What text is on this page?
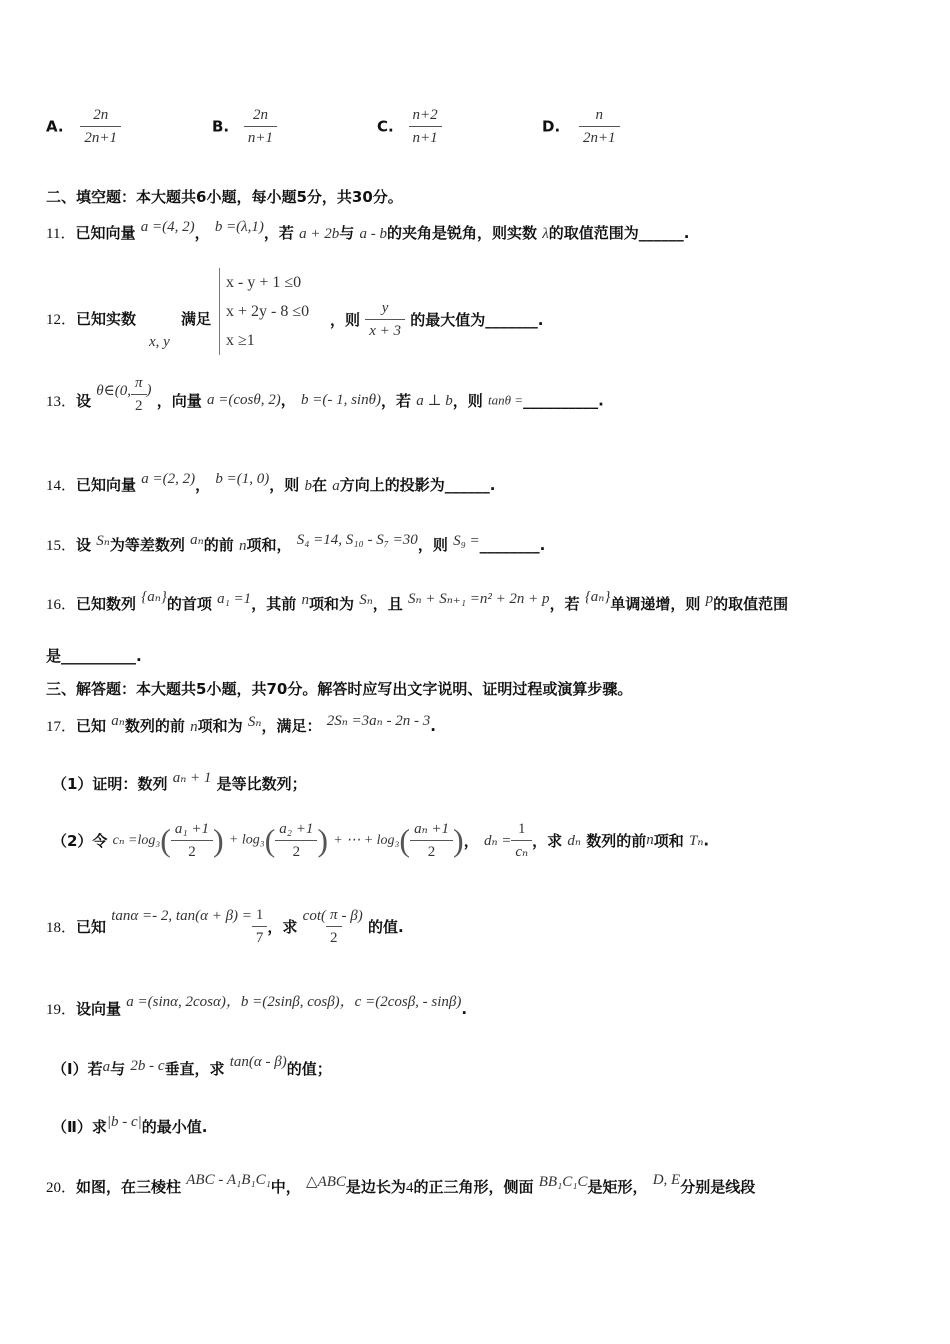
A. $\frac{2n}{2n+1}$	B. $\frac{2n}{n+1}$	C. $\frac{n+2}{n+1}$	D. $\frac{n}{2n+1}$
二、填空题：本大题共6小题，每小题5分，共30分。
11．已知向量 a =(4, 2)， b =(λ,1)，若 a + 2b与 a - b的夹角是锐角，则实数 λ的取值范围为______.
12．已知实数
x, y
满足
x - y + 1 ≤0
x + 2y - 8 ≤0
x ≥1
，则 $\frac{y}{x + 3}$ 的最大值为_______.
13．设 θ∈(0, $\frac{\pi}{2}$ ) ，向量 a =(cosθ, 2)， b =(- 1, sinθ)，若 a ⊥ b，则 tanθ =__________.
14．已知向量 a =(2, 2)， b =(1, 0)，则 b在 a方向上的投影为______.
15．设 Sₙ为等差数列 aₙ的前 n项和， S₄ =14, S₁₀ - S₇ =30，则 S₉ =________.
16．已知数列 {aₙ}的首项 a₁ =1，其前 n项和为 Sₙ，且 Sₙ + Sₙ₊₁ =n² + 2n + p，若 {aₙ}单调递增，则 p的取值范围
是__________.
三、解答题：本大题共5小题，共70分。解答时应写出文字说明、证明过程或演算步骤。
17．已知 aₙ数列的前 n项和为 Sₙ，满足： 2Sₙ =3aₙ - 2n - 3.
（1）证明：数列 aₙ + 1 是等比数列；
（2）令 $c_n =\log_3( \frac{\text{a₁ +1}}{2}$ ) + $\log_3( \frac{\text{a₂ +1}}{2}$ ) + ⋯ + $\log_3( \frac{\text{aₙ +1}}{2}$ )， $d_n = \frac{1}{\text{cₙ}}$ ，求 dₙ 数列的前n项和 Tₙ.
18．已知 tanα =- 2, $\tan(\alpha + \beta) = \frac{1}{7}$ ，求 $\cot( \frac{\pi}{2} - \beta)$ 的值.
19．设向量 a =(sinα, 2cosα)，b =(2sinβ, cosβ)，c =(2cosβ, - sinβ).
（Ⅰ）若a与 2b - c垂直，求 tan(α - β)的值；
（Ⅱ）求|b - c|的最小值.
20．如图，在三棱柱 ABC - A₁B₁C₁中， △ABC是边长为4的正三角形，侧面 BB₁C₁C是矩形， D, E分别是线段
